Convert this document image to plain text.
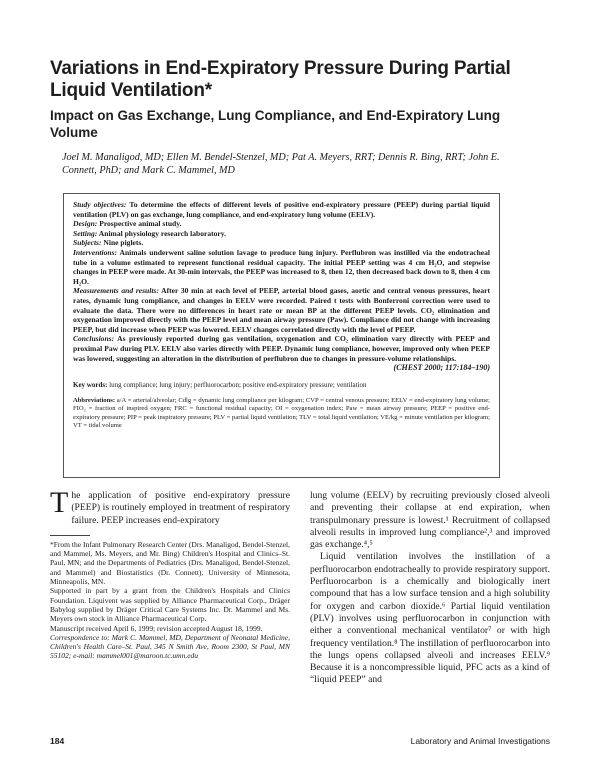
Variations in End-Expiratory Pressure During Partial Liquid Ventilation*
Impact on Gas Exchange, Lung Compliance, and End-Expiratory Lung Volume
Joel M. Manaligod, MD; Ellen M. Bendel-Stenzel, MD; Pat A. Meyers, RRT; Dennis R. Bing, RRT; John E. Connett, PhD; and Mark C. Mammel, MD

Study objectives: To determine the effects of different levels of positive end-expiratory pressure (PEEP) during partial liquid ventilation (PLV) on gas exchange, lung compliance, and end-expiratory lung volume (EELV).

Design: Prospective animal study.

Setting: Animal physiology research laboratory.

Subjects: Nine piglets.

Interventions: Animals underwent saline solution lavage to produce lung injury. Perflubron was instilled via the endotracheal tube in a volume estimated to represent functional residual capacity. The initial PEEP setting was 4 cm H₂O, and stepwise changes in PEEP were made. At 30-min intervals, the PEEP was increased to 8, then 12, then decreased back down to 8, then 4 cm H₂O.

Measurements and results: After 30 min at each level of PEEP, arterial blood gases, aortic and central venous pressures, heart rates, dynamic lung compliance, and changes in EELV were recorded. Paired t tests with Bonferroni correction were used to evaluate the data. There were no differences in heart rate or mean BP at the different PEEP levels. CO₂ elimination and oxygenation improved directly with the PEEP level and mean airway pressure (Paw). Compliance did not change with increasing PEEP, but did increase when PEEP was lowered. EELV changes correlated directly with the level of PEEP.

Conclusions: As previously reported during gas ventilation, oxygenation and CO₂ elimination vary directly with PEEP and proximal Paw during PLV. EELV also varies directly with PEEP. Dynamic lung compliance, however, improved only when PEEP was lowered, suggesting an alteration in the distribution of perflubron due to changes in pressure-volume relationships.

(CHEST 2000; 117:184–190)
Key words: lung compliance; lung injury; perfluorocarbon; positive end-expiratory pressure; ventilation
Abbreviations: a/A = arterial/alveolar; Cdlg = dynamic lung compliance per kilogram; CVP = central venous pressure; EELV = end-expiratory lung volume; FIO₂ = fraction of inspired oxygen; FRC = functional residual capacity; OI = oxygenation index; Paw = mean airway pressure; PEEP = positive end-expiratory pressure; PIP = peak inspiratory pressure; PLV = partial liquid ventilation; TLV = total liquid ventilation; VE/kg = minute ventilation per kilogram; VT = tidal volume

The application of positive end-expiratory pressure (PEEP) is routinely employed in treatment of respiratory failure. PEEP increases end-expiratory

*From the Infant Pulmonary Research Center (Drs. Manaligod, Bendel-Stenzel, and Mammel, Ms. Meyers, and Mr. Bing) Children's Hospital and Clinics–St. Paul, MN; and the Departments of Pediatrics (Drs. Manaligod, Bendel-Stenzel, and Mammel) and Biostatistics (Dr. Connett), University of Minnesota, Minneapolis, MN.

Supported in part by a grant from the Children's Hospitals and Clinics Foundation. Liquivent was supplied by Alliance Pharmaceutical Corp., Dräger Babylog supplied by Dräger Critical Care Systems Inc. Dr. Mammel and Ms. Meyers own stock in Alliance Pharmaceutical Corp.

Manuscript received April 6, 1999; revision accepted August 18, 1999.

Correspondence to: Mark C. Mammel, MD, Department of Neonatal Medicine, Children's Health Care–St. Paul, 345 N Smith Ave, Room 2300, St Paul, MN 55102; e-mail: mammel001@maroon.tc.umn.edu

lung volume (EELV) by recruiting previously closed alveoli and preventing their collapse at end expiration, when transpulmonary pressure is lowest.¹ Recruitment of collapsed alveoli results in improved lung compliance²,³ and improved gas exchange.⁴,⁵

Liquid ventilation involves the instillation of a perfluorocarbon endotracheally to provide respiratory support. Perfluorocarbon is a chemically and biologically inert compound that has a low surface tension and a high solubility for oxygen and carbon dioxide.⁶ Partial liquid ventilation (PLV) involves using perfluorocarbon in conjunction with either a conventional mechanical ventilator⁷ or with high frequency ventilation.⁸ The instillation of perfluorocarbon into the lungs opens collapsed alveoli and increases EELV.⁹ Because it is a noncompressible liquid, PFC acts as a kind of “liquid PEEP” and

184	Laboratory and Animal Investigations
